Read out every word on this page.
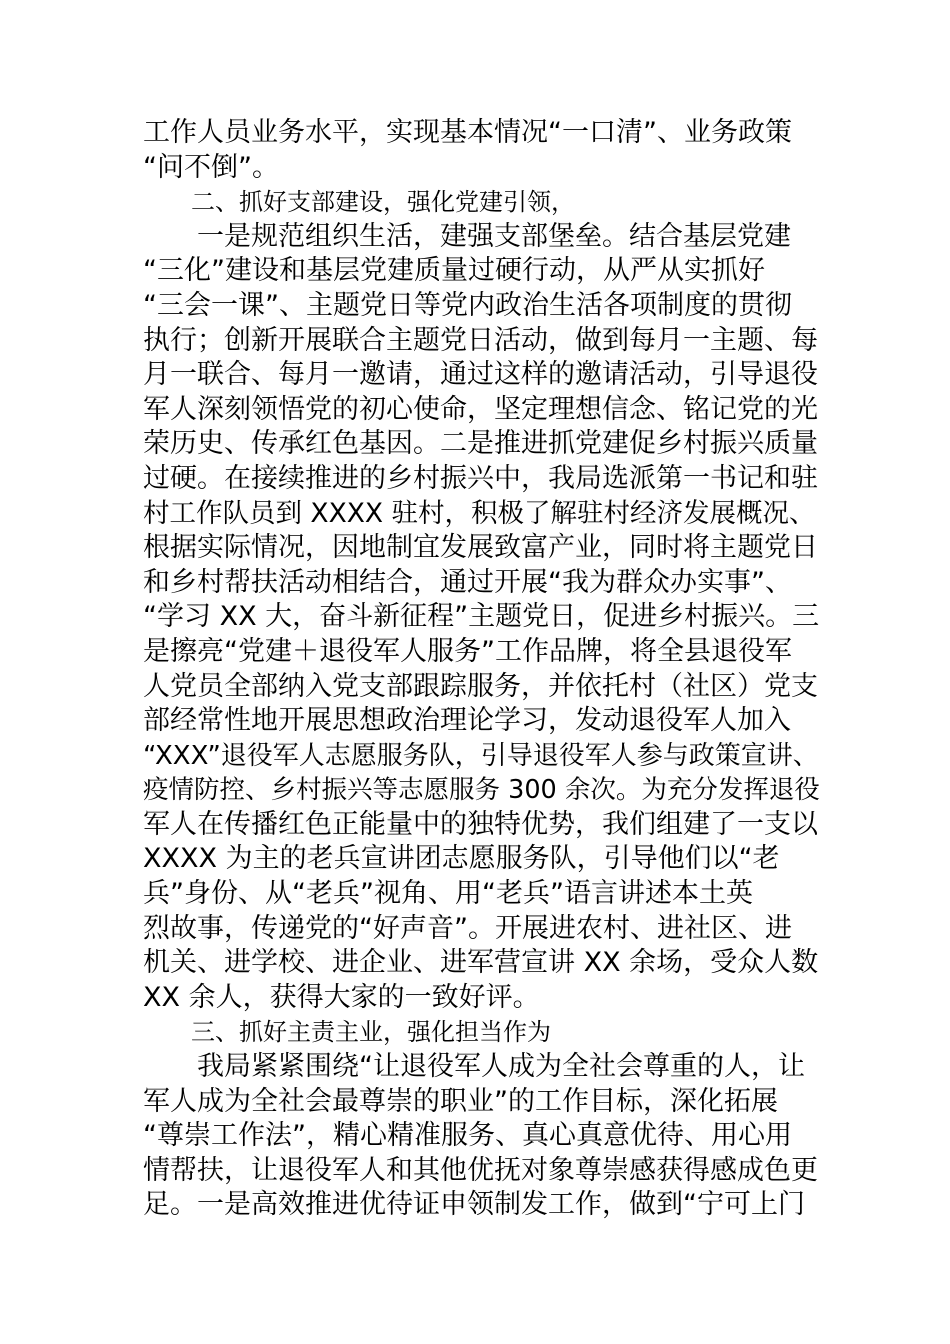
工作人员业务水平，实现基本情况“一口清”、业务政策
“问不倒”。
　　二、抓好支部建设，强化党建引领，
　　一是规范组织生活，建强支部堡垒。结合基层党建
“三化”建设和基层党建质量过硬行动，从严从实抓好
“三会一课”、主题党日等党内政治生活各项制度的贯彻
执行；创新开展联合主题党日活动，做到每月一主题、每
月一联合、每月一邀请，通过这样的邀请活动，引导退役
军人深刻领悟党的初心使命，坚定理想信念、铭记党的光
荣历史、传承红色基因。二是推进抓党建促乡村振兴质量
过硬。在接续推进的乡村振兴中，我局选派第一书记和驻
村工作队员到 XXXX 驻村，积极了解驻村经济发展概况、
根据实际情况，因地制宜发展致富产业，同时将主题党日
和乡村帮扶活动相结合，通过开展“我为群众办实事”、
“学习 XX 大，奋斗新征程”主题党日，促进乡村振兴。三
是擦亮“党建＋退役军人服务”工作品牌，将全县退役军
人党员全部纳入党支部跟踪服务，并依托村（社区）党支
部经常性地开展思想政治理论学习，发动退役军人加入
“XXX”退役军人志愿服务队，引导退役军人参与政策宣讲、
疫情防控、乡村振兴等志愿服务 300 余次。为充分发挥退役
军人在传播红色正能量中的独特优势，我们组建了一支以
XXXX 为主的老兵宣讲团志愿服务队，引导他们以“老
兵”身份、从“老兵”视角、用“老兵”语言讲述本土英
烈故事，传递党的“好声音”。开展进农村、进社区、进
机关、进学校、进企业、进军营宣讲 XX 余场，受众人数
XX 余人，获得大家的一致好评。
　　三、抓好主责主业，强化担当作为
　　我局紧紧围绕“让退役军人成为全社会尊重的人，让
军人成为全社会最尊崇的职业”的工作目标，深化拓展
“尊崇工作法”，精心精准服务、真心真意优待、用心用
情帮扶，让退役军人和其他优抚对象尊崇感获得感成色更
足。一是高效推进优待证申领制发工作，做到“宁可上门
